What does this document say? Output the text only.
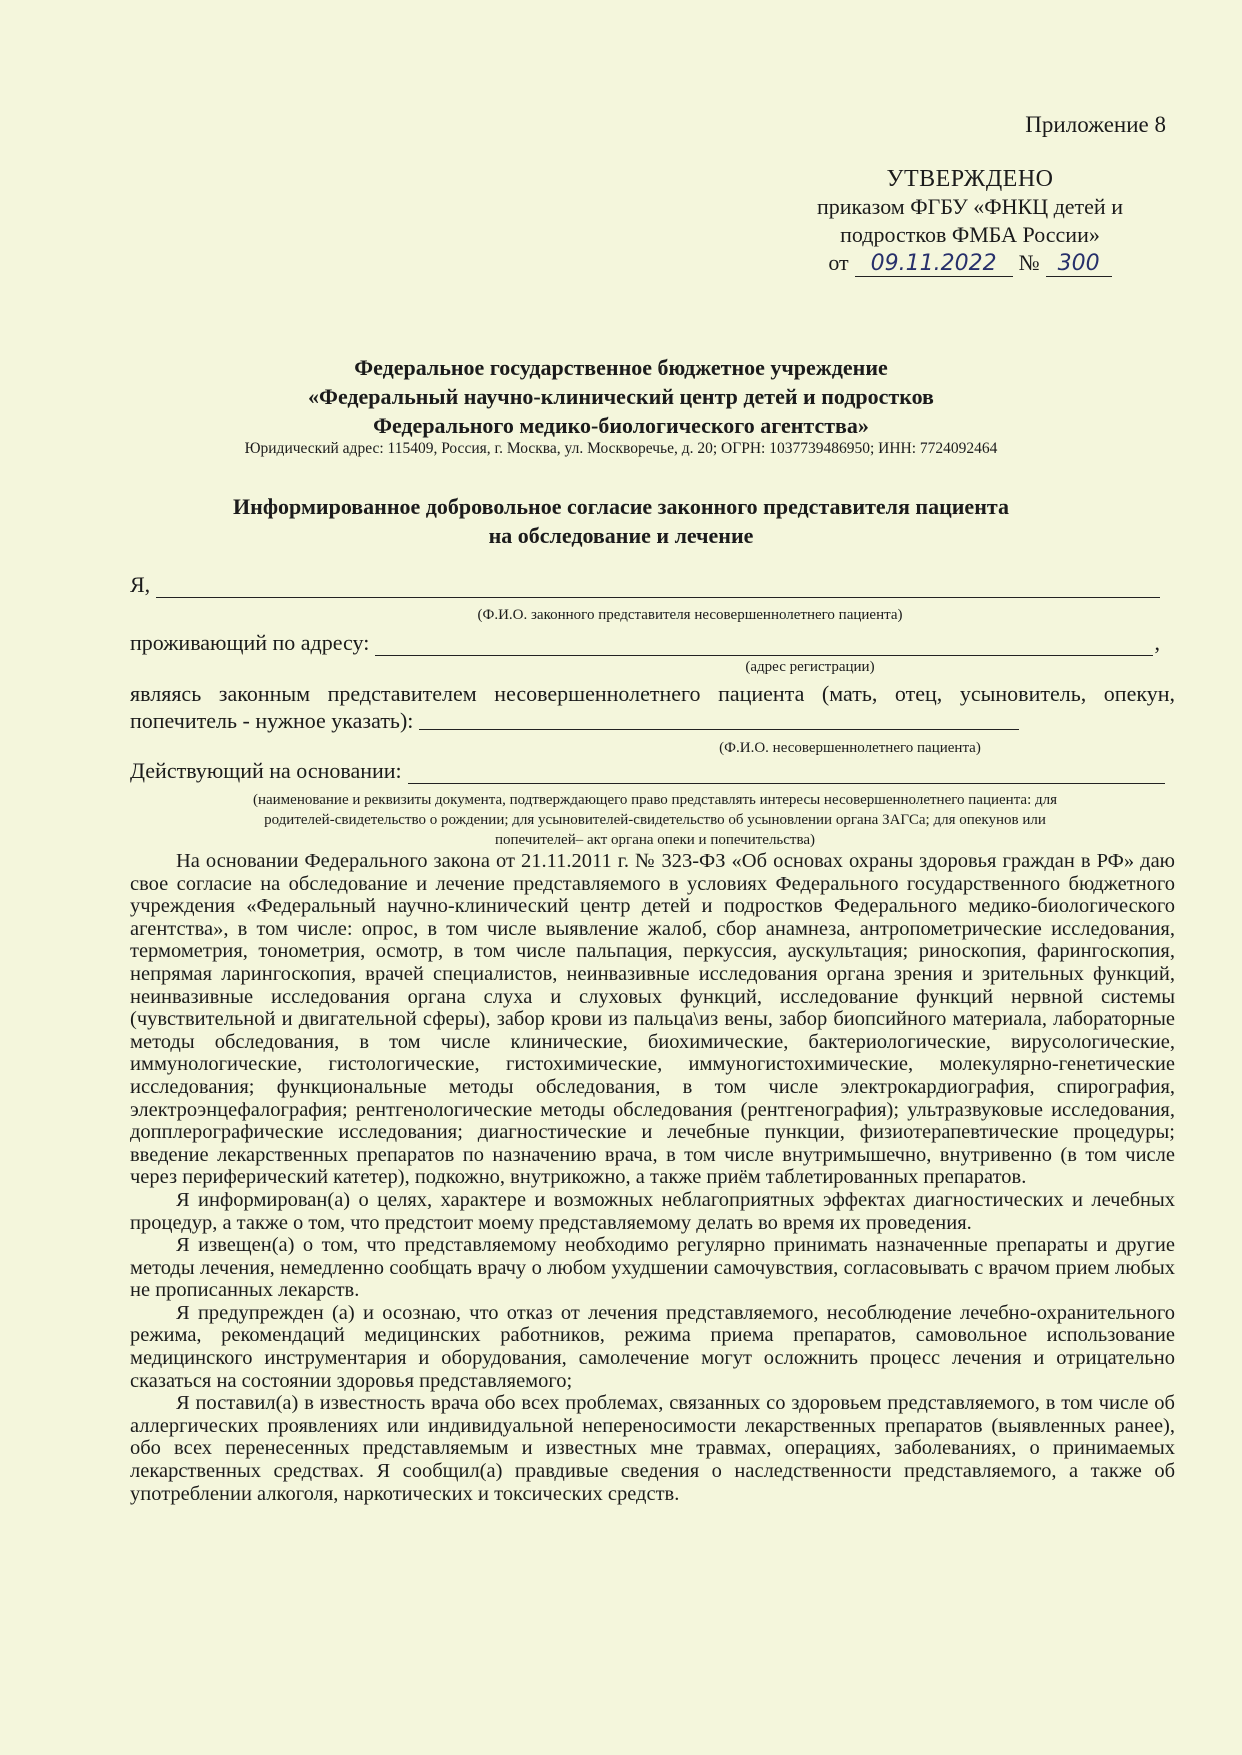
Приложение 8
УТВЕРЖДЕНО
приказом ФГБУ «ФНКЦ детей и
подростков ФМБА России»
от	09.11.2022	№ 300
Федеральное государственное бюджетное учреждение
«Федеральный научно-клинический центр детей и подростков
Федерального медико-биологического агентства»
Юридический адрес: 115409, Россия, г. Москва, ул. Москворечье, д. 20; ОГРН: 1037739486950; ИНН: 7724092464
Информированное добровольное согласие законного представителя пациента
на обследование и лечение
Я,
(Ф.И.О. законного представителя несовершеннолетнего пациента)
проживающий по адресу:	,
(адрес регистрации)
являясь законным представителем несовершеннолетнего пациента (мать, отец, усыновитель, опекун, попечитель - нужное указать):
(Ф.И.О. несовершеннолетнего пациента)
Действующий на основании:
(наименование и реквизиты документа, подтверждающего право представлять интересы несовершеннолетнего пациента: для
родителей-свидетельство о рождении; для усыновителей-свидетельство об усыновлении органа ЗАГСа; для опекунов или
попечителей– акт органа опеки и попечительства)

На основании Федерального закона от 21.11.2011 г. № 323-ФЗ «Об основах охраны здоровья граждан в РФ» даю свое согласие на обследование и лечение представляемого в условиях Федерального государственного бюджетного учреждения «Федеральный научно-клинический центр детей и подростков Федерального медико-биологического агентства», в том числе: опрос, в том числе выявление жалоб, сбор анамнеза, антропометрические исследования, термометрия, тонометрия, осмотр, в том числе пальпация, перкуссия, аускультация; риноскопия, фарингоскопия, непрямая ларингоскопия, врачей специалистов, неинвазивные исследования органа зрения и зрительных функций, неинвазивные исследования органа слуха и слуховых функций, исследование функций нервной системы (чувствительной и двигательной сферы), забор крови из пальца\из вены, забор биопсийного материала, лабораторные методы обследования, в том числе клинические, биохимические, бактериологические, вирусологические, иммунологические, гистологические, гистохимические, иммуногистохимические, молекулярно-генетические исследования; функциональные методы обследования, в том числе электрокардиография, спирография, электроэнцефалография; рентгенологические методы обследования (рентгенография); ультразвуковые исследования, допплерографические исследования; диагностические и лечебные пункции, физиотерапевтические процедуры; введение лекарственных препаратов по назначению врача, в том числе внутримышечно, внутривенно (в том числе через периферический катетер), подкожно, внутрикожно, а также приём таблетированных препаратов.

Я информирован(а) о целях, характере и возможных неблагоприятных эффектах диагностических и лечебных процедур, а также о том, что предстоит моему представляемому делать во время их проведения.

Я извещен(а) о том, что представляемому необходимо регулярно принимать назначенные препараты и другие методы лечения, немедленно сообщать врачу о любом ухудшении самочувствия, согласовывать с врачом прием любых не прописанных лекарств.

Я предупрежден (а) и осознаю, что отказ от лечения представляемого, несоблюдение лечебно-охранительного режима, рекомендаций медицинских работников, режима приема препаратов, самовольное использование медицинского инструментария и оборудования, самолечение могут осложнить процесс лечения и отрицательно сказаться на состоянии здоровья представляемого;

Я поставил(а) в известность врача обо всех проблемах, связанных со здоровьем представляемого, в том числе об аллергических проявлениях или индивидуальной непереносимости лекарственных препаратов (выявленных ранее), обо всех перенесенных представляемым и известных мне травмах, операциях, заболеваниях, о принимаемых лекарственных средствах. Я сообщил(а) правдивые сведения о наследственности представляемого, а также об употреблении алкоголя, наркотических и токсических средств.
